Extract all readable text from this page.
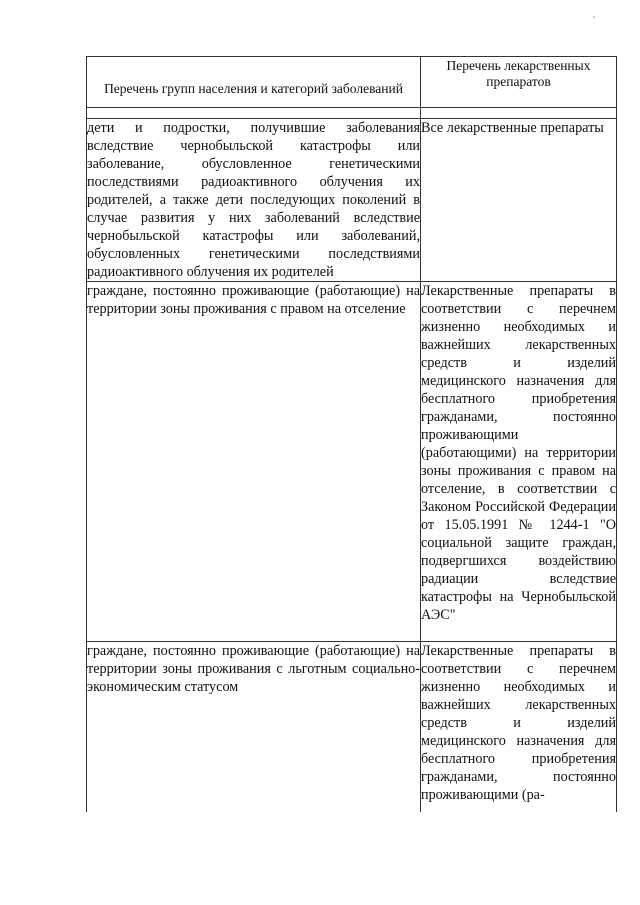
'
Перечень групп населения и категорий заболеваний	Перечень лекарственных препаратов

дети и подростки, получившие заболевания вследствие чернобыльской катастрофы или заболевание, обусловленное генетическими последствиями радиоактивного облучения их родителей, а также дети последующих поколений в случае развития у них заболеваний вследствие чернобыльской катастрофы или заболеваний, обусловленных генетическими последствиями радиоактивного облучения их родителей	Все лекарственные препараты
граждане, постоянно проживающие (работающие) на территории зоны проживания с правом на отселение	Лекарственные препараты в соответствии с перечнем жизненно необходимых и важнейших лекарственных средств и изделий медицинского назначения для бесплатного приобретения гражданами, постоянно проживающими (работающими) на территории зоны проживания с правом на отселение, в соответствии с Законом Российской Федерации от 15.05.1991 № 1244-1 "О социальной защите граждан, подвергшихся воздействию радиации вследствие катастрофы на Чернобыльской АЭС"
граждане, постоянно проживающие (работающие) на территории зоны проживания с льготным социально-экономическим статусом	Лекарственные препараты в соответствии с перечнем жизненно необходимых и важнейших лекарственных средств и изделий медицинского назначения для бесплатного приобретения гражданами, постоянно проживающими (ра-
